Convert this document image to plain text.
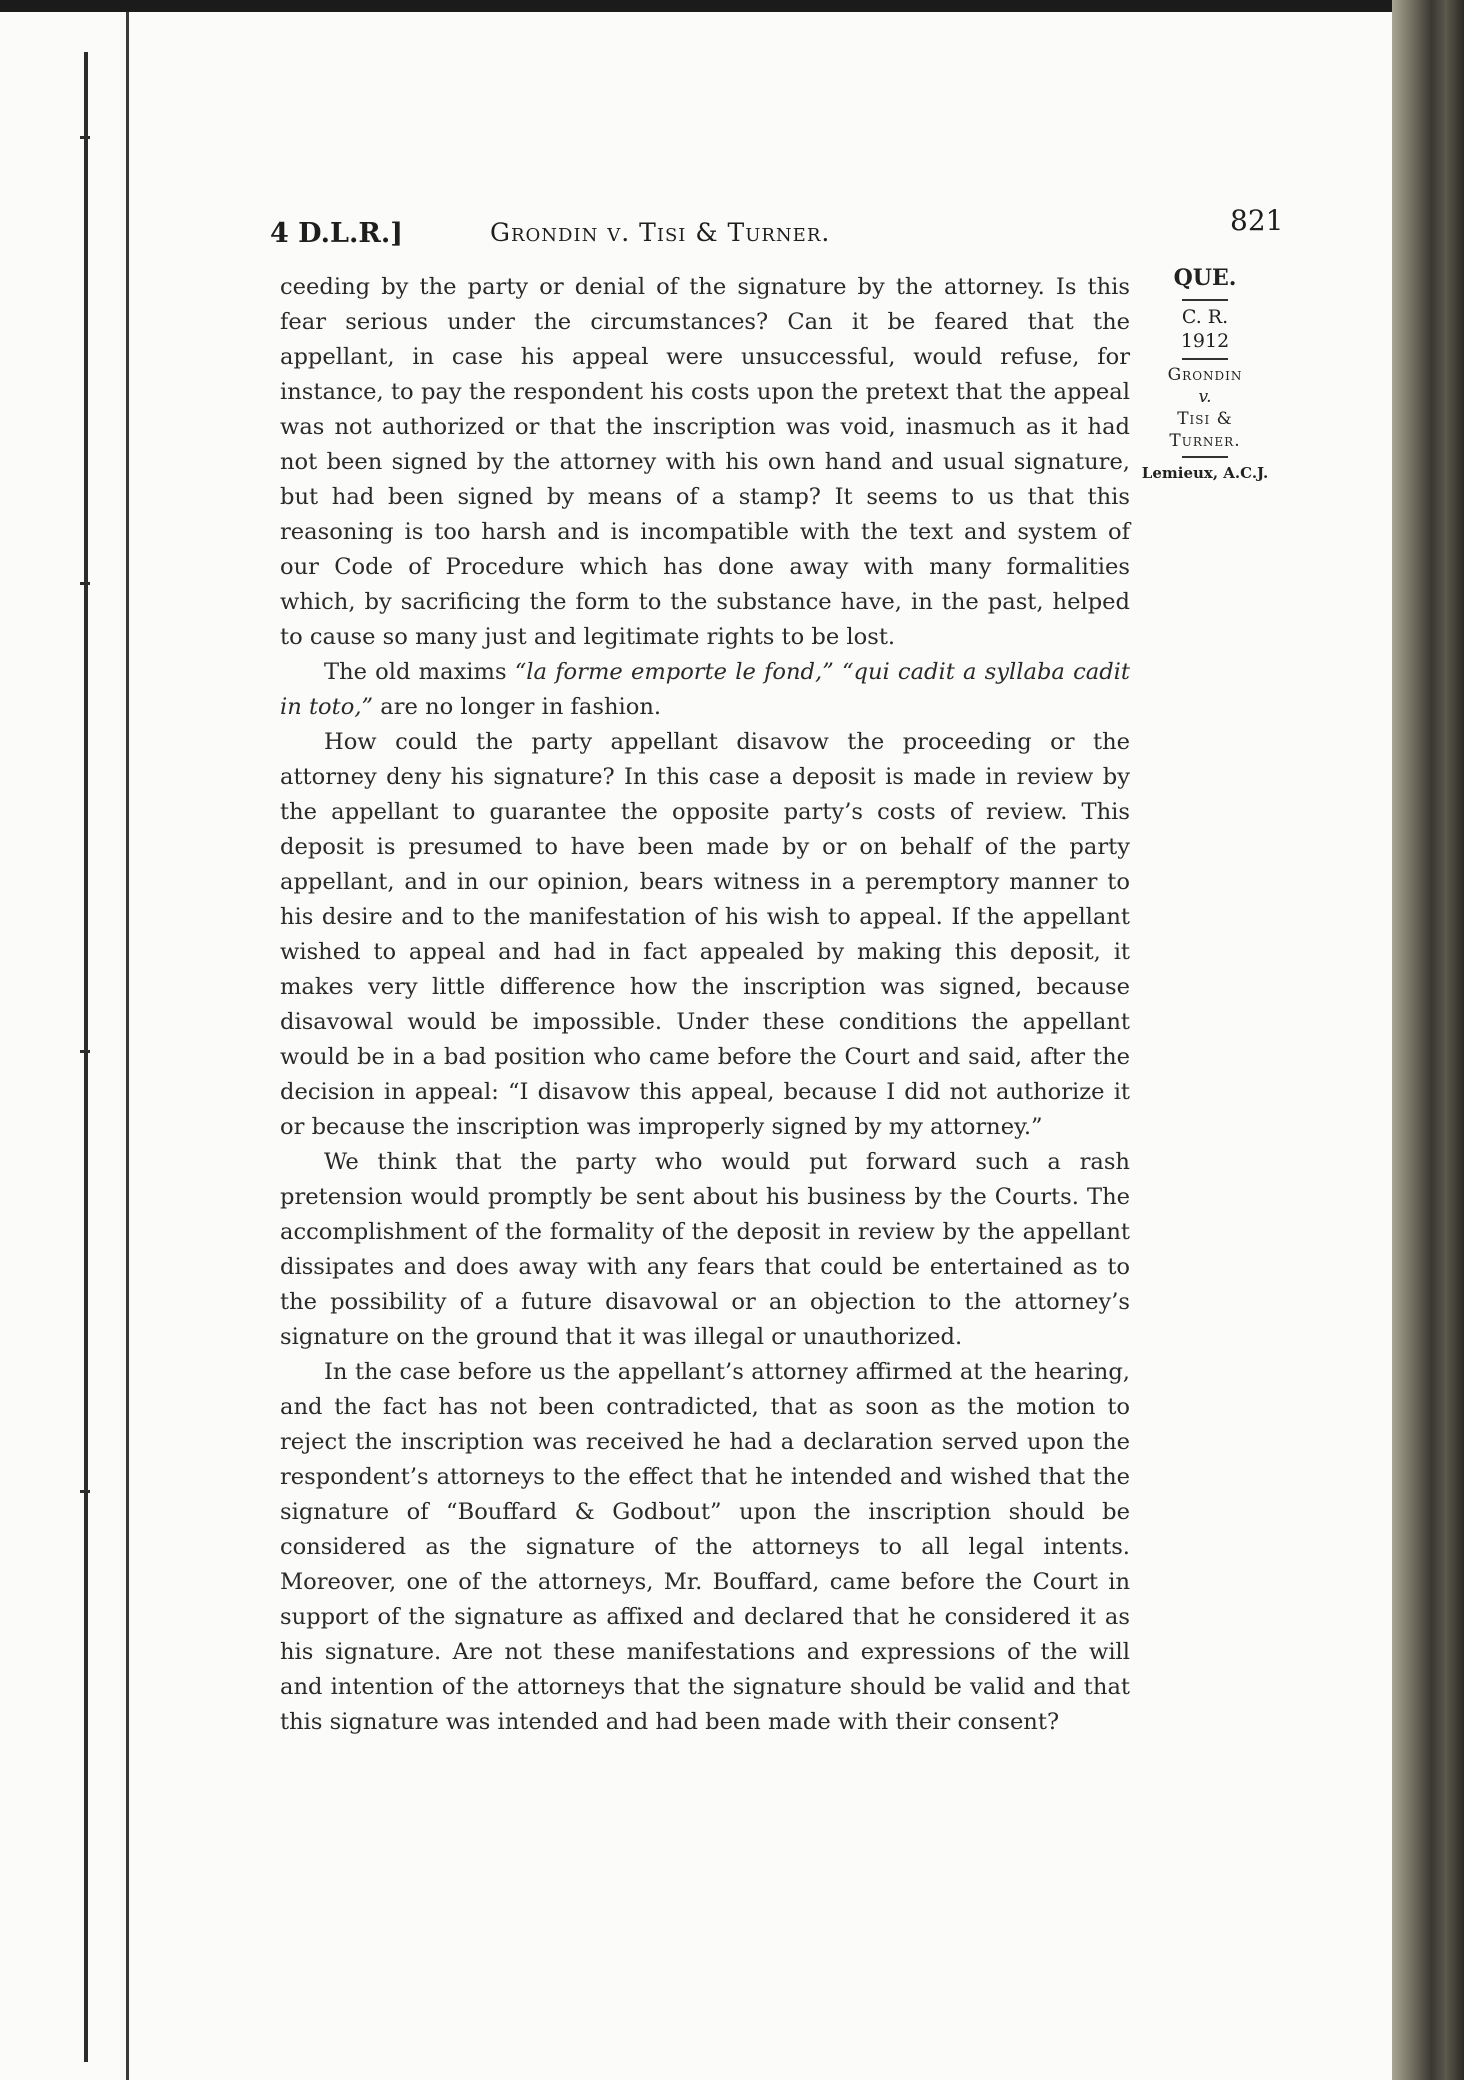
4 D.L.R.]	Grondin v. Tisi & Turner.	821
QUE.
C. R.
1912
Grondin
v.
Tisi &
Turner.
Lemieux, A.C.J.

ceeding by the party or denial of the signature by the attorney. Is this fear serious under the circumstances? Can it be feared that the appellant, in case his appeal were unsuccessful, would refuse, for instance, to pay the respondent his costs upon the pretext that the appeal was not authorized or that the inscription was void, inasmuch as it had not been signed by the attorney with his own hand and usual signature, but had been signed by means of a stamp? It seems to us that this reasoning is too harsh and is incompatible with the text and system of our Code of Procedure which has done away with many formalities which, by sacrificing the form to the substance have, in the past, helped to cause so many just and legitimate rights to be lost.

The old maxims “la forme emporte le fond,” “qui cadit a syllaba cadit in toto,” are no longer in fashion.

How could the party appellant disavow the proceeding or the attorney deny his signature? In this case a deposit is made in review by the appellant to guarantee the opposite party’s costs of review. This deposit is presumed to have been made by or on behalf of the party appellant, and in our opinion, bears witness in a peremptory manner to his desire and to the manifestation of his wish to appeal. If the appellant wished to appeal and had in fact appealed by making this deposit, it makes very little difference how the inscription was signed, because disavowal would be impossible. Under these conditions the appellant would be in a bad position who came before the Court and said, after the decision in appeal: “I disavow this appeal, because I did not authorize it or because the inscription was improperly signed by my attorney.”

We think that the party who would put forward such a rash pretension would promptly be sent about his business by the Courts. The accomplishment of the formality of the deposit in review by the appellant dissipates and does away with any fears that could be entertained as to the possibility of a future disavowal or an objection to the attorney’s signature on the ground that it was illegal or unauthorized.

In the case before us the appellant’s attorney affirmed at the hearing, and the fact has not been contradicted, that as soon as the motion to reject the inscription was received he had a declaration served upon the respondent’s attorneys to the effect that he intended and wished that the signature of “Bouffard & Godbout” upon the inscription should be considered as the signature of the attorneys to all legal intents. Moreover, one of the attorneys, Mr. Bouffard, came before the Court in support of the signature as affixed and declared that he considered it as his signature. Are not these manifestations and expressions of the will and intention of the attorneys that the signature should be valid and that this signature was intended and had been made with their consent?
